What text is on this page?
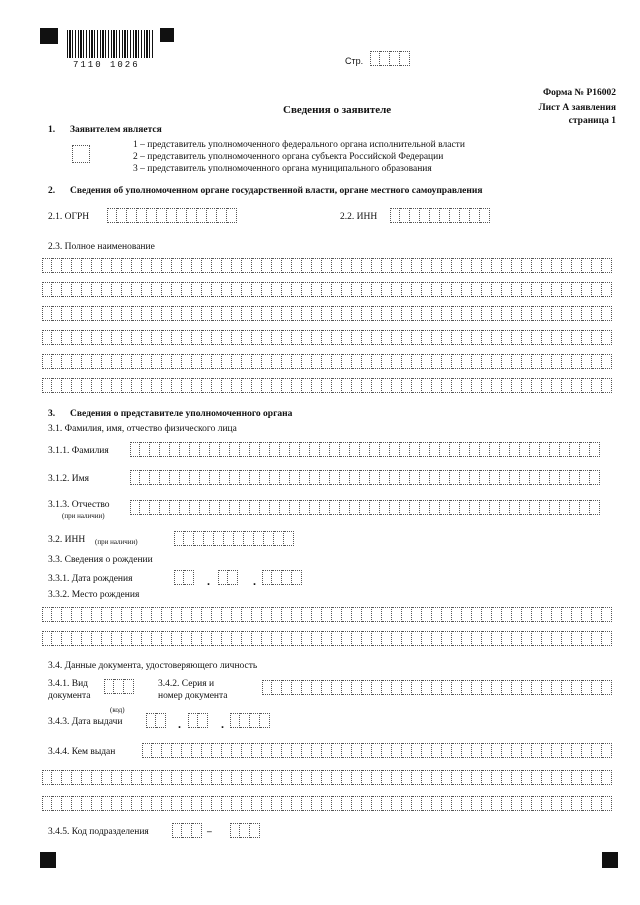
7110 1026	Стр.
Форма № Р16002
Лист А заявления
страница 1
Сведения о заявителе
1. Заявителем является
1 – представитель уполномоченного федерального органа исполнительной власти
2 – представитель уполномоченного органа субъекта Российской Федерации
3 – представитель уполномоченного органа муниципального образования
2. Сведения об уполномоченном органе государственной власти, органе местного самоуправления
2.1. ОГРН	2.2. ИНН
2.3. Полное наименование
3. Сведения о представителе уполномоченного органа
3.1. Фамилия, имя, отчество физического лица
3.1.1. Фамилия
3.1.2. Имя
3.1.3. Отчество
(при наличии)
3.2. ИНН (при наличии)
3.3. Сведения о рождении
3.3.1. Дата рождения	.	.
3.3.2. Место рождения
3.4. Данные документа, удостоверяющего личность
3.4.1. Вид
документа
(код)
3.4.2. Серия и
номер документа
3.4.3. Дата выдачи	.	.
3.4.4. Кем выдан
3.4.5. Код подразделения	–
